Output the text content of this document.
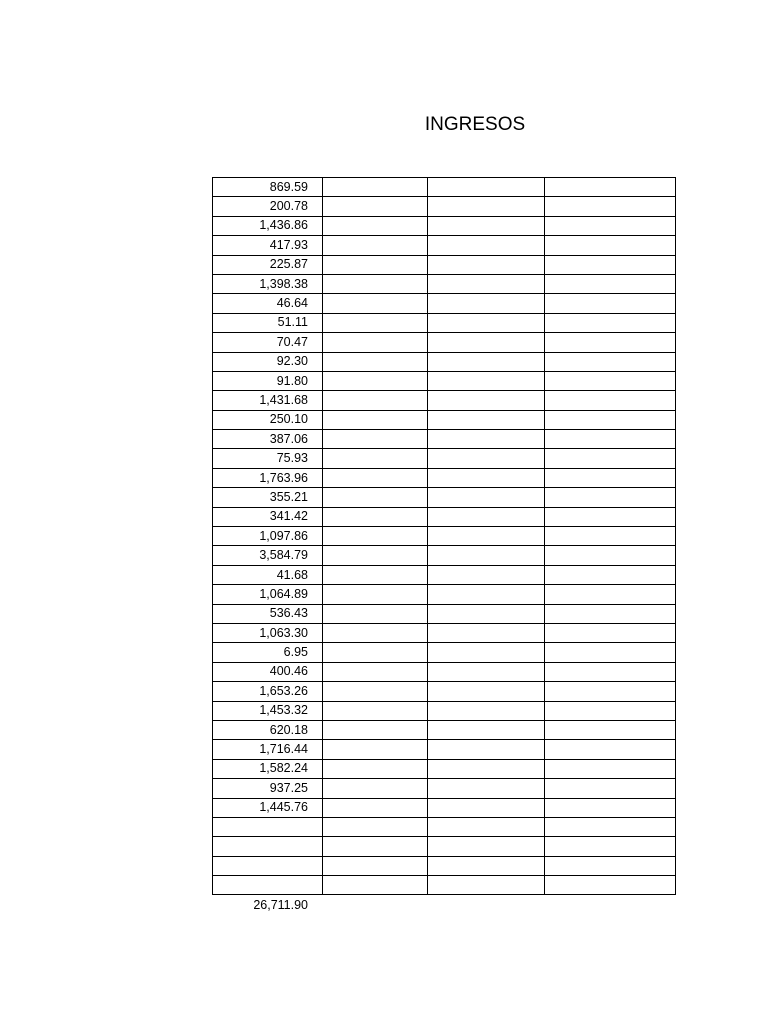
INGRESOS
869.59			
200.78			
1,436.86			
417.93			
225.87			
1,398.38			
46.64			
51.11			
70.47			
92.30			
91.80			
1,431.68			
250.10			
387.06			
75.93			
1,763.96			
355.21			
341.42			
1,097.86			
3,584.79			
41.68			
1,064.89			
536.43			
1,063.30			
6.95			
400.46			
1,653.26			
1,453.32			
620.18			
1,716.44			
1,582.24			
937.25			
1,445.76			

26,711.90
